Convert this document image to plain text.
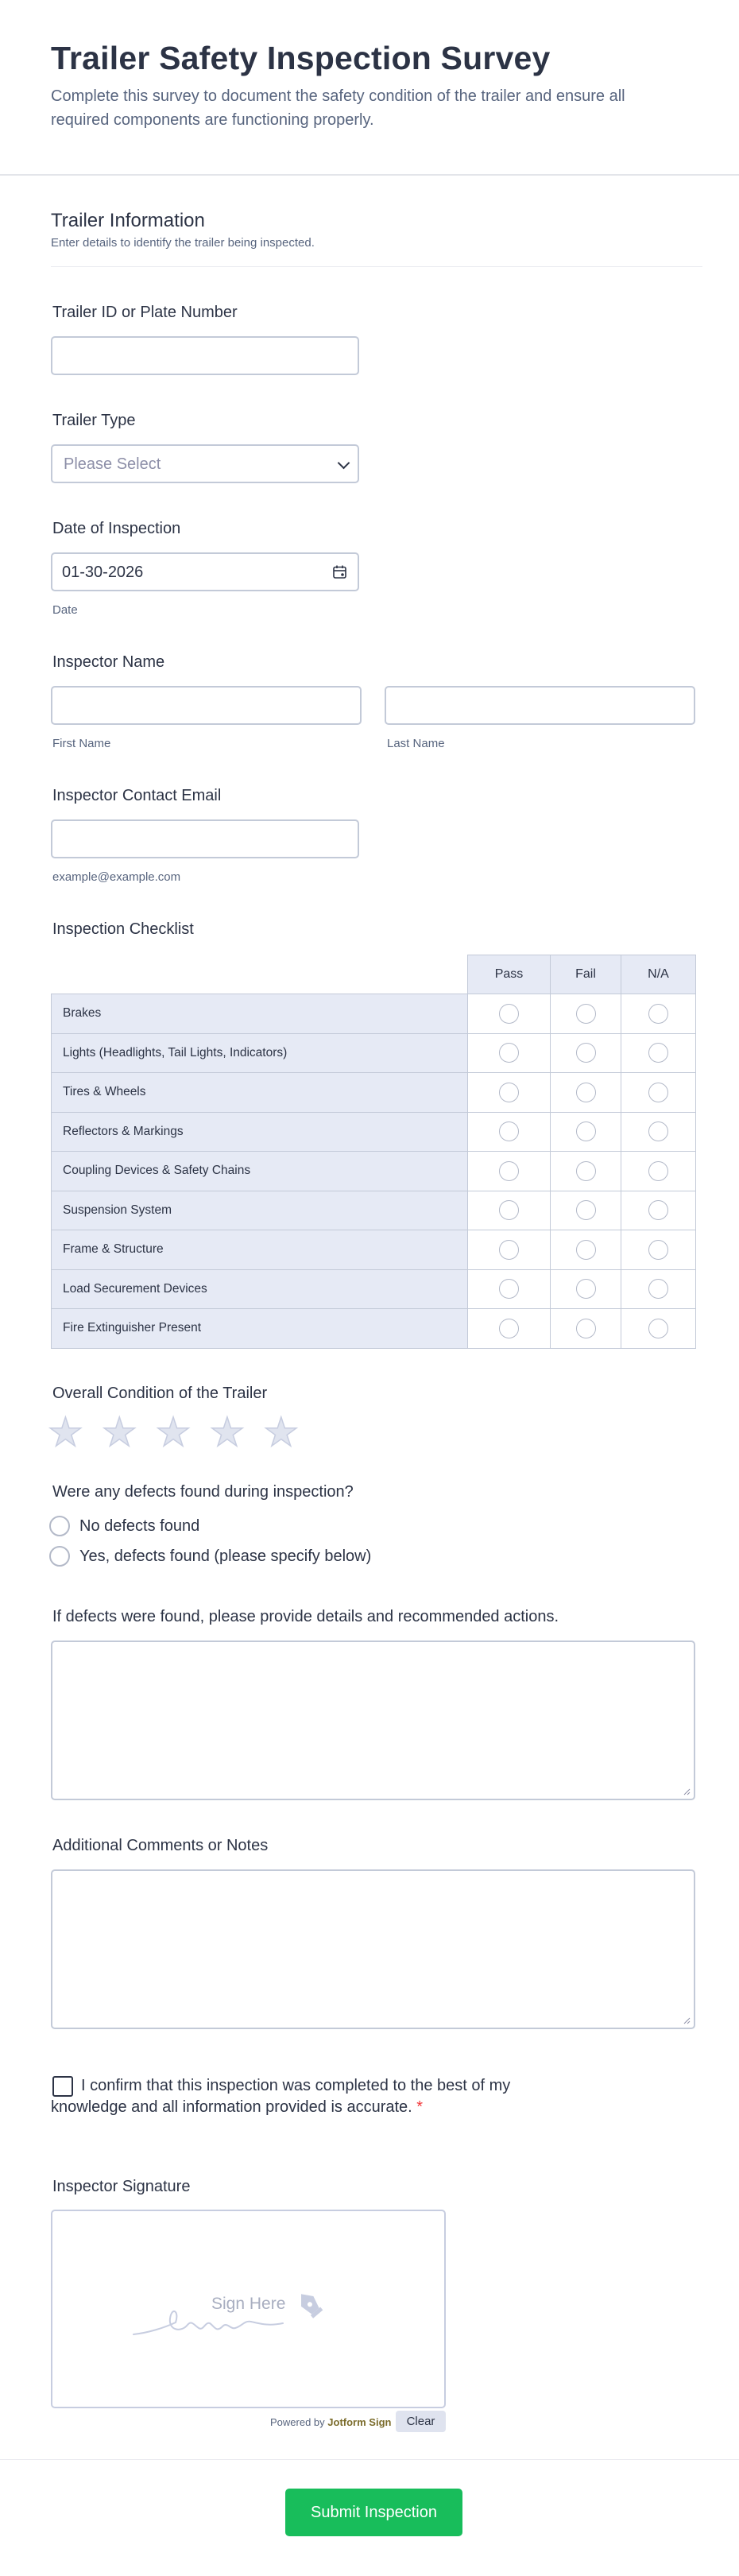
Trailer Safety Inspection Survey
Complete this survey to document the safety condition of the trailer and ensure all required components are functioning properly.
Trailer Information
Enter details to identify the trailer being inspected.
Trailer ID or Plate Number
Trailer Type
Please Select
Date of Inspection
01-30-2026
Date
Inspector Name
First Name	Last Name
Inspector Contact Email
example@example.com
Inspection Checklist
	Pass	Fail	N/A
Brakes			
Lights (Headlights, Tail Lights, Indicators)			
Tires & Wheels			
Reflectors & Markings			
Coupling Devices & Safety Chains			
Suspension System			
Frame & Structure			
Load Securement Devices			
Fire Extinguisher Present			
Overall Condition of the Trailer
★ ★ ★ ★ ★
Were any defects found during inspection?
No defects found
Yes, defects found (please specify below)
If defects were found, please provide details and recommended actions.
Additional Comments or Notes
I confirm that this inspection was completed to the best of my
knowledge and all information provided is accurate. *
Inspector Signature
Sign Here
Powered by Jotform Sign	Clear
Submit Inspection
